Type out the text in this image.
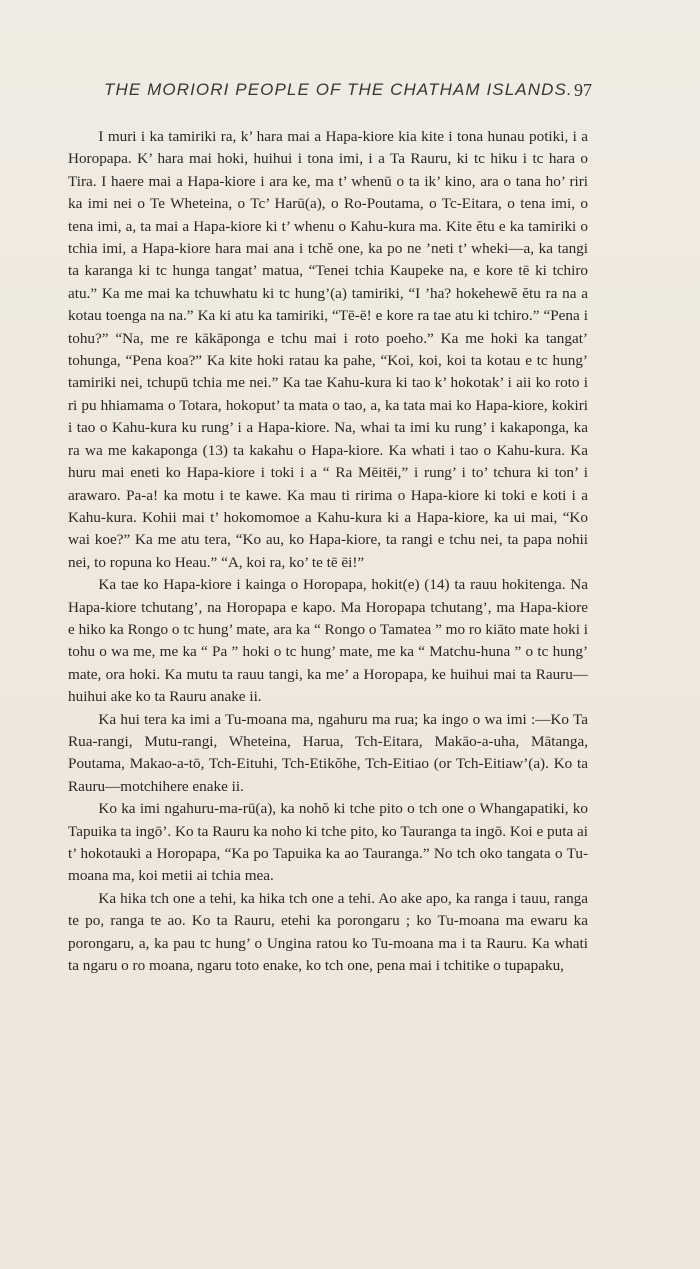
THE MORIORI PEOPLE OF THE CHATHAM ISLANDS. 97

I muri i ka tamiriki ra, k’ hara mai a Hapa-kiore kia kite i tona hunau potiki, i a Horopapa. K’ hara mai hoki, huihui i tona imi, i a Ta Rauru, ki tc hiku i tc hara o Tira. I haere mai a Hapa-kiore i ara ke, ma t’ whenū o ta ik’ kino, ara o tana ho’ riri ka imi nei o Te Wheteina, o Tc’ Harū(a), o Ro-Poutama, o Tc-Eitara, o tena imi, o tena imi, a, ta mai a Hapa-kiore ki t’ whenu o Kahu-kura ma. Kite ĕtu e ka tamiriki o tchia imi, a Hapa-kiore hara mai ana i tchĕ one, ka po ne ’neti t’ wheki—a, ka tangi ta karanga ki tc hunga tangat’ matua, “Tenei tchia Kaupeke na, e kore tē ki tchiro atu.” Ka me mai ka tchuwhatu ki tc hung’(a) tamiriki, “I ’ha? hokehewĕ ĕtu ra na a kotau toenga na na.” Ka ki atu ka tamiriki, “Tē-ē! e kore ra tae atu ki tchiro.” “Pena i tohu?” “Na, me re kākāponga e tchu mai i roto poeho.” Ka me hoki ka tangat’ tohunga, “Pena koa?” Ka kite hoki ratau ka pahe, “Koi, koi, koi ta kotau e tc hung’ tamiriki nei, tchupū tchia me nei.” Ka tae Kahu-kura ki tao k’ hokotak’ i aii ko roto i ri pu hhiamama o Totara, hokoput’ ta mata o tao, a, ka tata mai ko Hapa-kiore, kokiri i tao o Kahu-kura ku rung’ i a Hapa-kiore. Na, whai ta imi ku rung’ i kakaponga, ka ra wa me kakaponga (13) ta kakahu o Hapa-kiore. Ka whati i tao o Kahu-kura. Ka huru mai eneti ko Hapa-kiore i toki i a “ Ra Mēitēi,” i rung’ i to’ tchura ki ton’ i arawaro. Pa-a! ka motu i te kawe. Ka mau ti ririma o Hapa-kiore ki toki e koti i a Kahu-kura. Kohii mai t’ hokomomoe a Kahu-kura ki a Hapa-kiore, ka ui mai, “Ko wai koe?” Ka me atu tera, “Ko au, ko Hapa-kiore, ta rangi e tchu nei, ta papa nohii nei, to ropuna ko Heau.” “A, koi ra, ko’ te tē ēi!”

Ka tae ko Hapa-kiore i kainga o Horopapa, hokit(e) (14) ta rauu hokitenga. Na Hapa-kiore tchutang’, na Horopapa e kapo. Ma Horopapa tchutang’, ma Hapa-kiore e hiko ka Rongo o tc hung’ mate, ara ka “ Rongo o Tamatea ” mo ro kiāto mate hoki i tohu o wa me, me ka “ Pa ” hoki o tc hung’ mate, me ka “ Matchu-huna ” o tc hung’ mate, ora hoki. Ka mutu ta rauu tangi, ka me’ a Horopapa, ke huihui mai ta Rauru—huihui ake ko ta Rauru anake ii.

Ka hui tera ka imi a Tu-moana ma, ngahuru ma rua; ka ingo o wa imi :—Ko Ta Rua-rangi, Mutu-rangi, Wheteina, Harua, Tch-Eitara, Makāo-a-uha, Mātanga, Poutama, Makao-a-tō, Tch-Eituhi, Tch-Etikŏhe, Tch-Eitiao (or Tch-Eitiaw’(a). Ko ta Rauru—motchihere enake ii.

Ko ka imi ngahuru-ma-rū(a), ka nohŏ ki tche pito o tch one o Whangapatiki, ko Tapuika ta ingō’. Ko ta Rauru ka noho ki tche pito, ko Tauranga ta ingō. Koi e puta ai t’ hokotauki a Horopapa, “Ka po Tapuika ka ao Tauranga.” No tch oko tangata o Tu-moana ma, koi metii ai tchia mea.

Ka hika tch one a tehi, ka hika tch one a tehi. Ao ake apo, ka ranga i tauu, ranga te po, ranga te ao. Ko ta Rauru, etehi ka porongaru ; ko Tu-moana ma ewaru ka porongaru, a, ka pau tc hung’ o Ungina ratou ko Tu-moana ma i ta Rauru. Ka whati ta ngaru o ro moana, ngaru toto enake, ko tch one, pena mai i tchitike o tupapaku,
